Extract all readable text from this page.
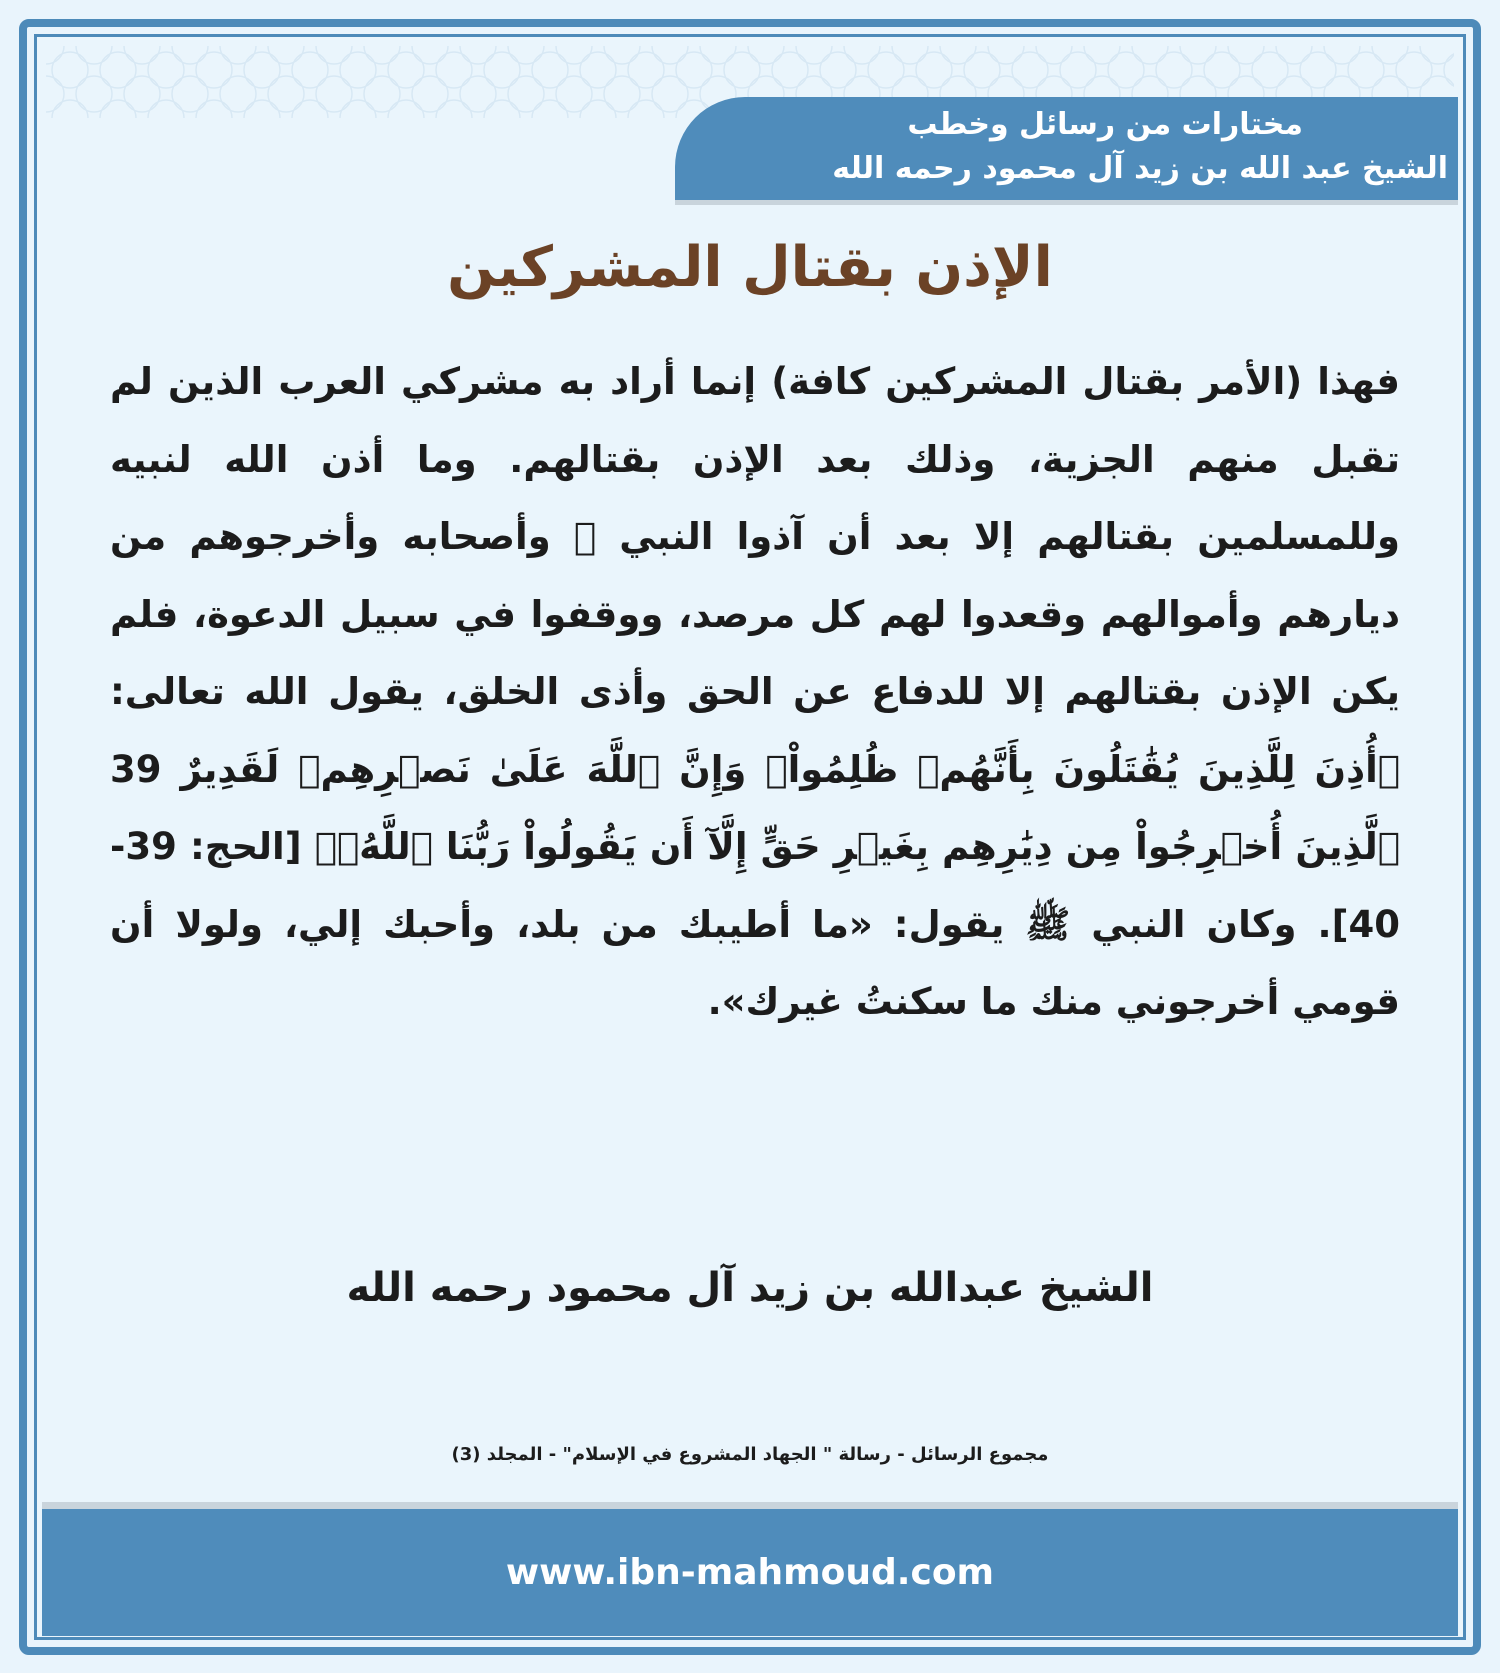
مختارات من رسائل وخطب
الشيخ عبد الله بن زيد آل محمود رحمه الله
الإذن بقتال المشركين

فهذا (الأمر بقتال المشركين كافة) إنما أراد به مشركي العرب الذين لم تقبل منهم الجزية، وذلك بعد الإذن بقتالهم. وما أذن الله لنبيه وللمسلمين بقتالهم إلا بعد أن آذوا النبي ﷺ وأصحابه وأخرجوهم من ديارهم وأموالهم وقعدوا لهم كل مرصد، ووقفوا في سبيل الدعوة، فلم يكن الإذن بقتالهم إلا للدفاع عن الحق وأذى الخلق، يقول الله تعالى: ﴿أُذِنَ لِلَّذِينَ يُقَٰتَلُونَ بِأَنَّهُمۡ ظُلِمُواْۚ وَإِنَّ ٱللَّهَ عَلَىٰ نَصۡرِهِمۡ لَقَدِيرٌ 39 ٱلَّذِينَ أُخۡرِجُواْ مِن دِيَٰرِهِم بِغَيۡرِ حَقٍّ إِلَّآ أَن يَقُولُواْ رَبُّنَا ٱللَّهُۗ﴾ [الحج: 39-40]. وكان النبي ﷺ يقول: «ما أطيبك من بلد، وأحبك إلي، ولولا أن قومي أخرجوني منك ما سكنتُ غيرك».

الشيخ عبدالله بن زيد آل محمود رحمه الله
مجموع الرسائل - رسالة " الجهاد المشروع في الإسلام" - المجلد (3)
www.ibn-mahmoud.com
